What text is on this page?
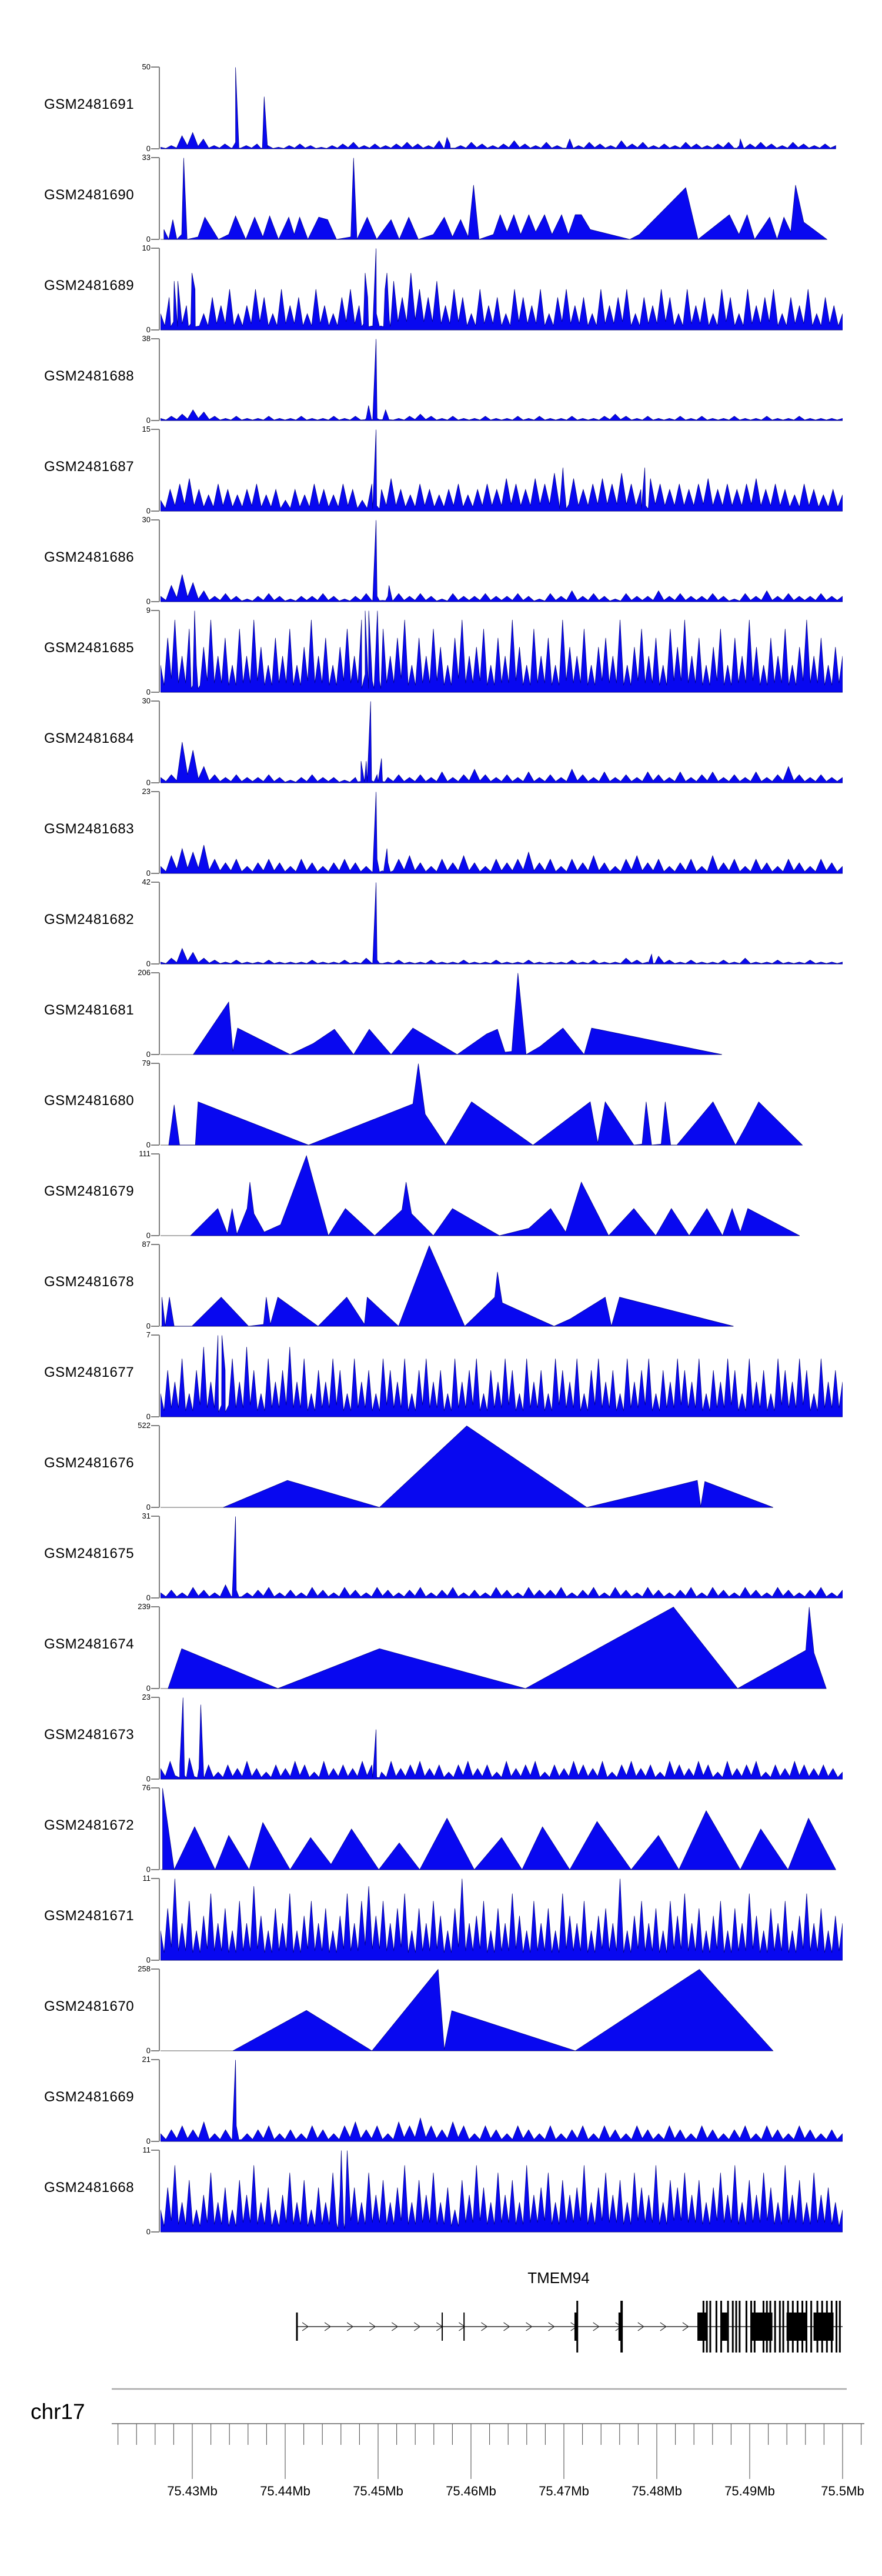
GSM2481691
50
0
GSM2481690
33
0
GSM2481689
10
0
GSM2481688
38
0
GSM2481687
15
0
GSM2481686
30
0
GSM2481685
9
0
GSM2481684
30
0
GSM2481683
23
0
GSM2481682
42
0
GSM2481681
206
0
GSM2481680
79
0
GSM2481679
111
0
GSM2481678
87
0
GSM2481677
7
0
GSM2481676
522
0
GSM2481675
31
0
GSM2481674
239
0
GSM2481673
23
0
GSM2481672
76
0
GSM2481671
11
0
GSM2481670
258
0
GSM2481669
21
0
GSM2481668
11
0
TMEM94
chr17
75.43Mb	75.44Mb	75.45Mb	75.46Mb	75.47Mb	75.48Mb	75.49Mb	75.5Mb
